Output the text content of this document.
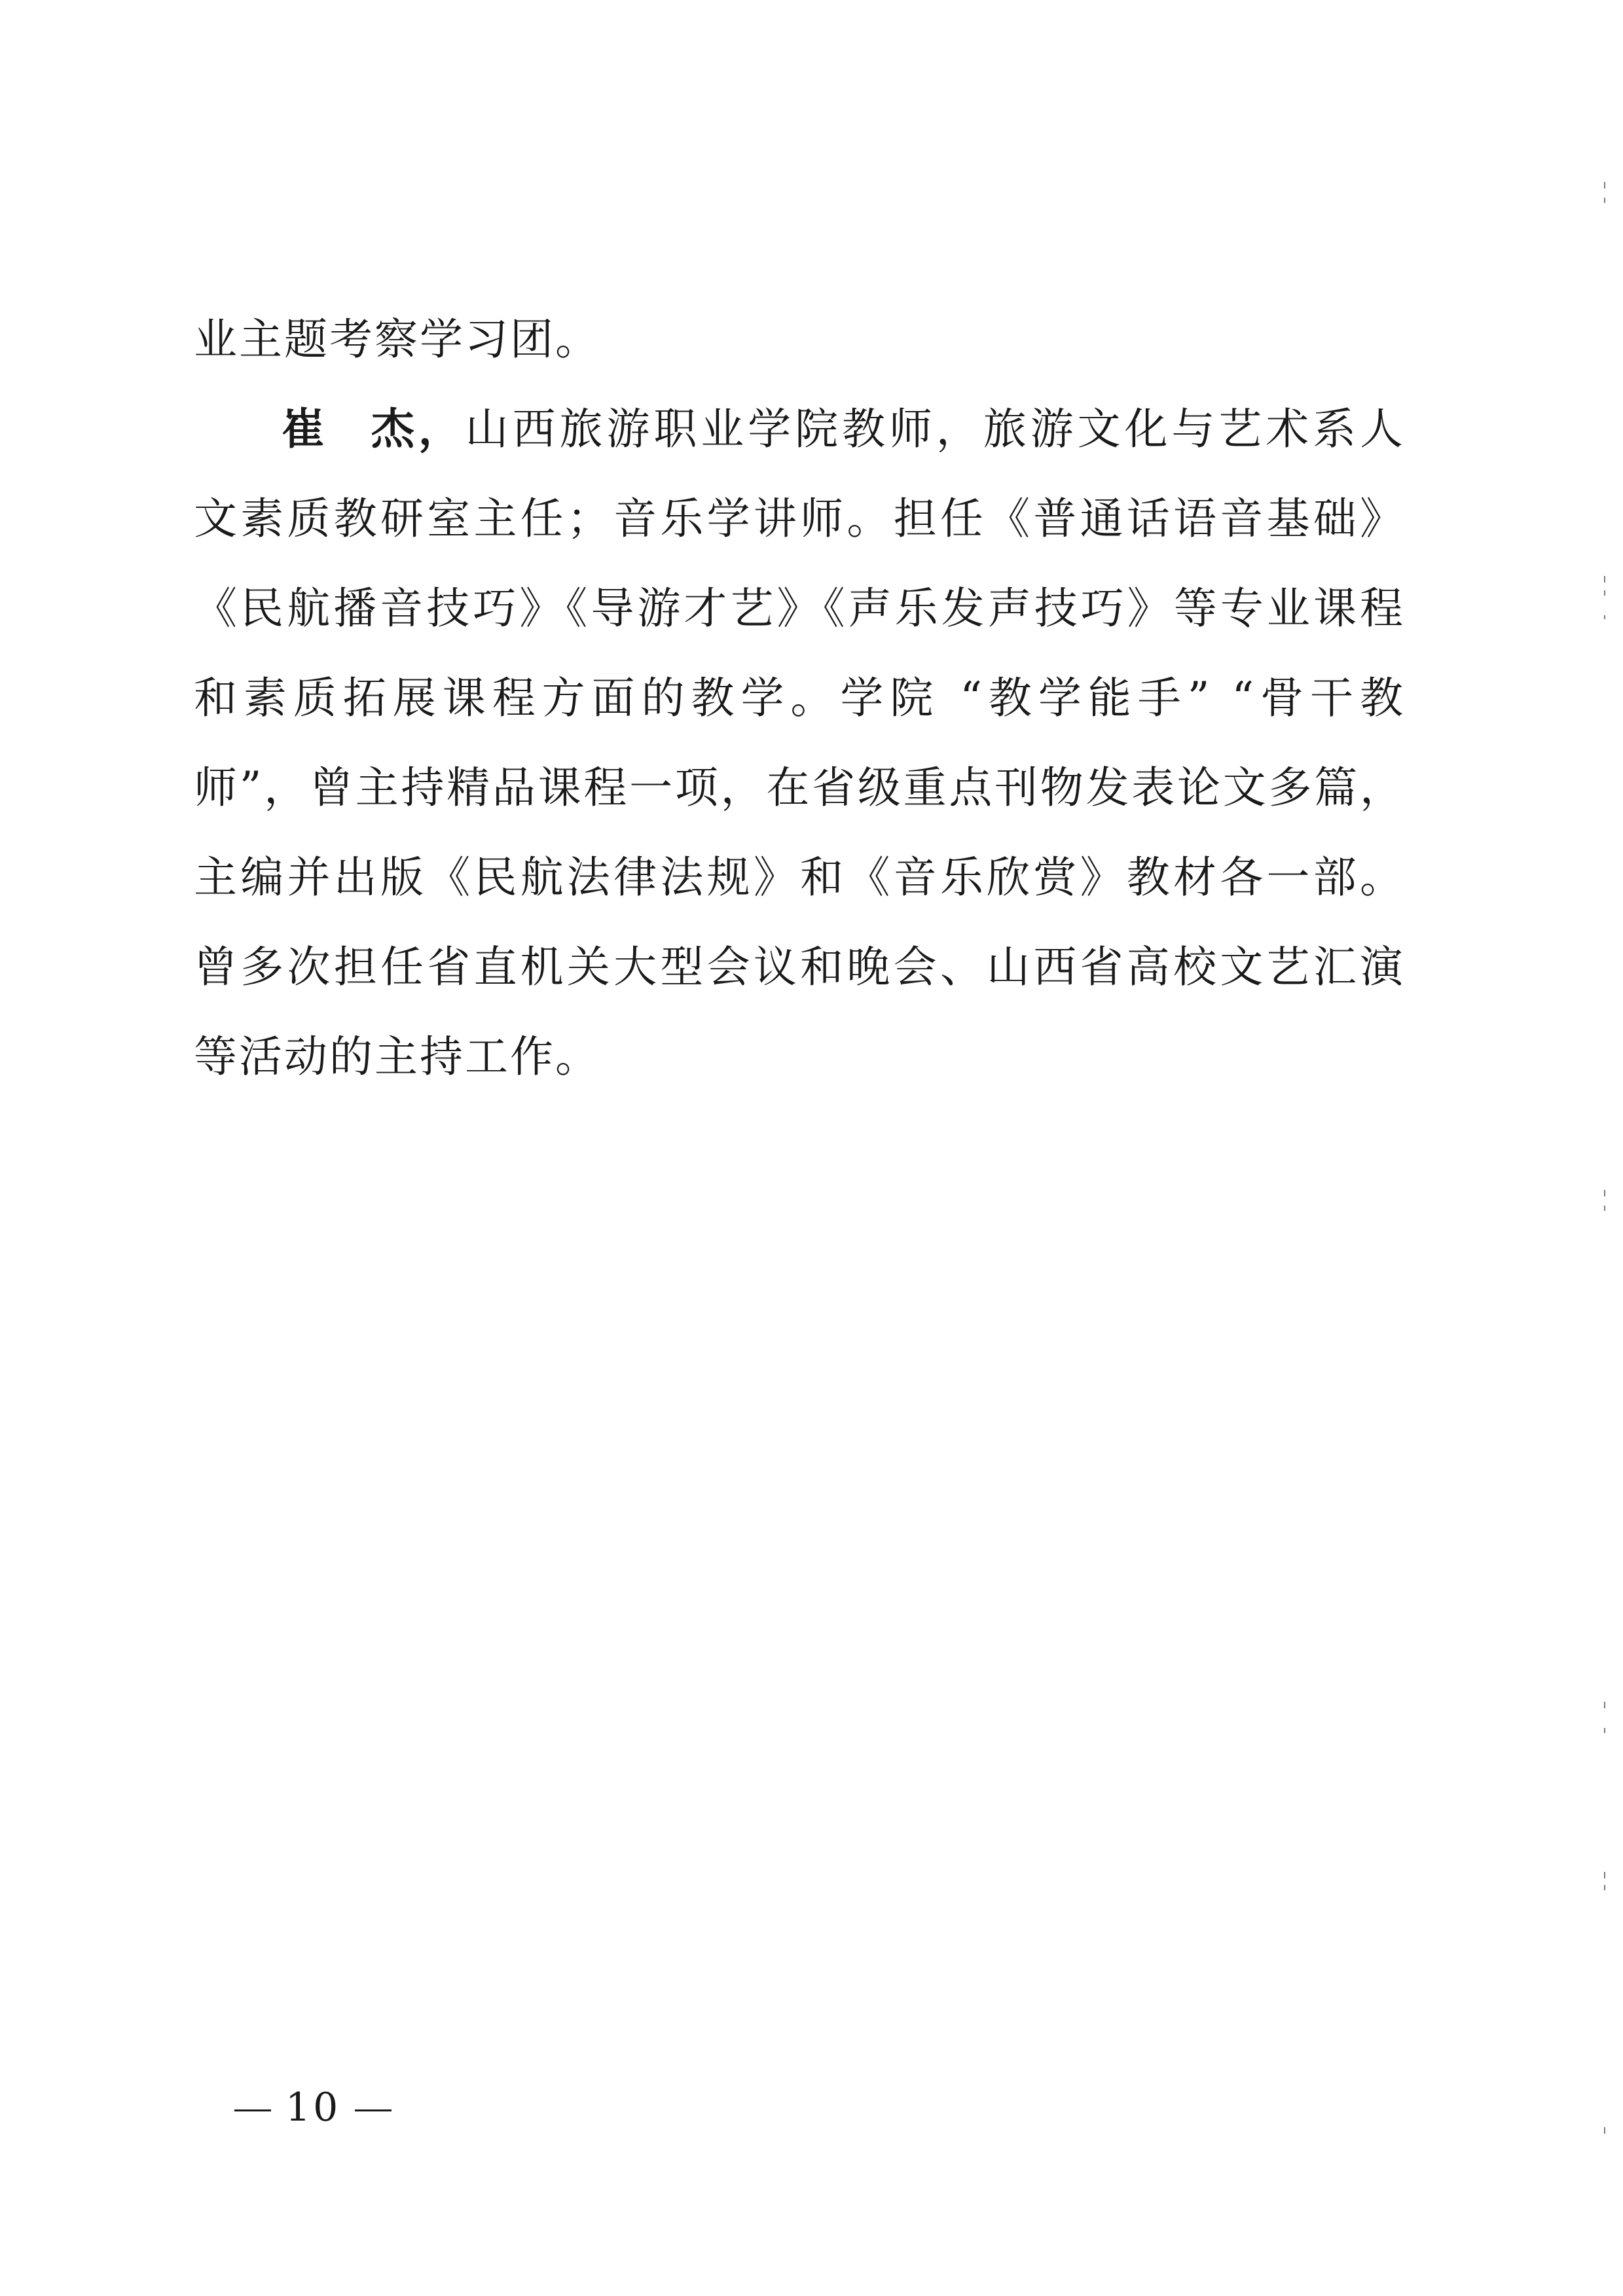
业主题考察学习团。

崔 杰，山西旅游职业学院教师，旅游文化与艺术系人文素质教研室主任；音乐学讲师。担任《普通话语音基础》《民航播音技巧》《导游才艺》《声乐发声技巧》等专业课程和素质拓展课程方面的教学。学院 “教学能手” “骨干教师”，曾主持精品课程一项，在省级重点刊物发表论文多篇，主编并出版《民航法律法规》和《音乐欣赏》教材各一部。曾多次担任省直机关大型会议和晚会、山西省高校文艺汇演等活动的主持工作。

10
